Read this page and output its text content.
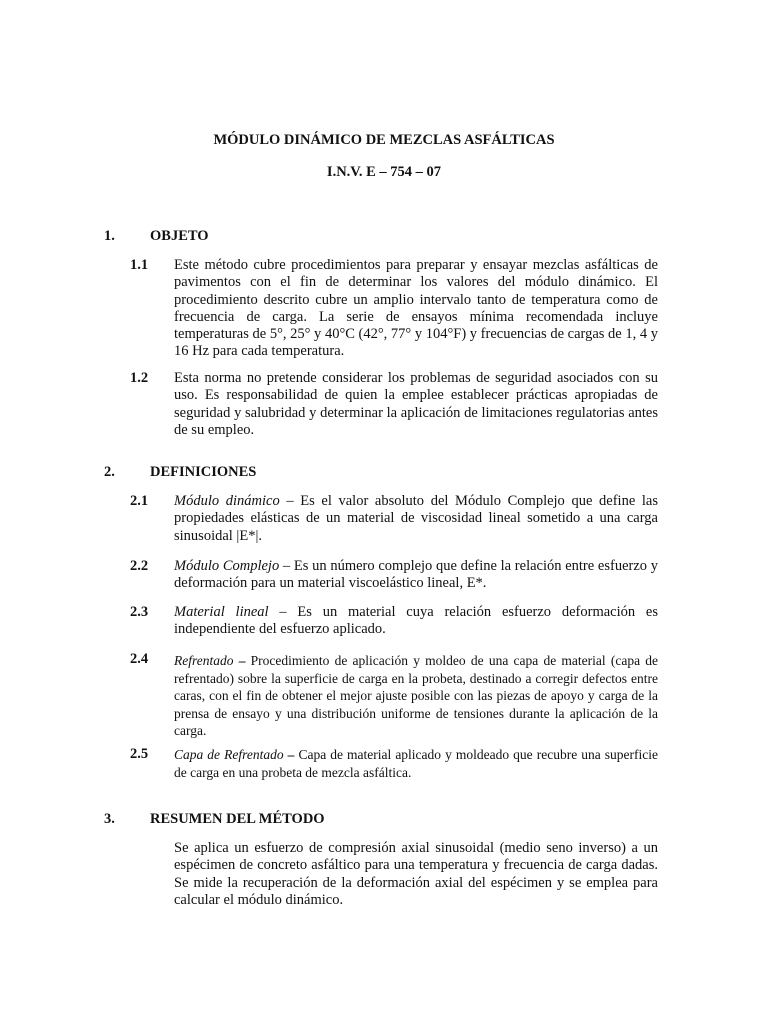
MÓDULO DINÁMICO DE MEZCLAS ASFÁLTICAS
I.N.V. E – 754 – 07
1. OBJETO
1.1 Este método cubre procedimientos para preparar y ensayar mezclas asfálticas de pavimentos con el fin de determinar los valores del módulo dinámico. El procedimiento descrito cubre un amplio intervalo tanto de temperatura como de frecuencia de carga. La serie de ensayos mínima recomendada incluye temperaturas de 5°, 25° y 40°C (42°, 77° y 104°F) y frecuencias de cargas de 1, 4 y 16 Hz para cada temperatura.
1.2 Esta norma no pretende considerar los problemas de seguridad asociados con su uso. Es responsabilidad de quien la emplee establecer prácticas apropiadas de seguridad y salubridad y determinar la aplicación de limitaciones regulatorias antes de su empleo.
2. DEFINICIONES
2.1 Módulo dinámico – Es el valor absoluto del Módulo Complejo que define las propiedades elásticas de un material de viscosidad lineal sometido a una carga sinusoidal |E*|.
2.2 Módulo Complejo – Es un número complejo que define la relación entre esfuerzo y deformación para un material viscoelástico lineal, E*.
2.3 Material lineal – Es un material cuya relación esfuerzo deformación es independiente del esfuerzo aplicado.
2.4 Refrentado – Procedimiento de aplicación y moldeo de una capa de material (capa de refrentado) sobre la superficie de carga en la probeta, destinado a corregir defectos entre caras, con el fin de obtener el mejor ajuste posible con las piezas de apoyo y carga de la prensa de ensayo y una distribución uniforme de tensiones durante la aplicación de la carga.
2.5 Capa de Refrentado – Capa de material aplicado y moldeado que recubre una superficie de carga en una probeta de mezcla asfáltica.
3. RESUMEN DEL MÉTODO
Se aplica un esfuerzo de compresión axial sinusoidal (medio seno inverso) a un espécimen de concreto asfáltico para una temperatura y frecuencia de carga dadas. Se mide la recuperación de la deformación axial del espécimen y se emplea para calcular el módulo dinámico.
